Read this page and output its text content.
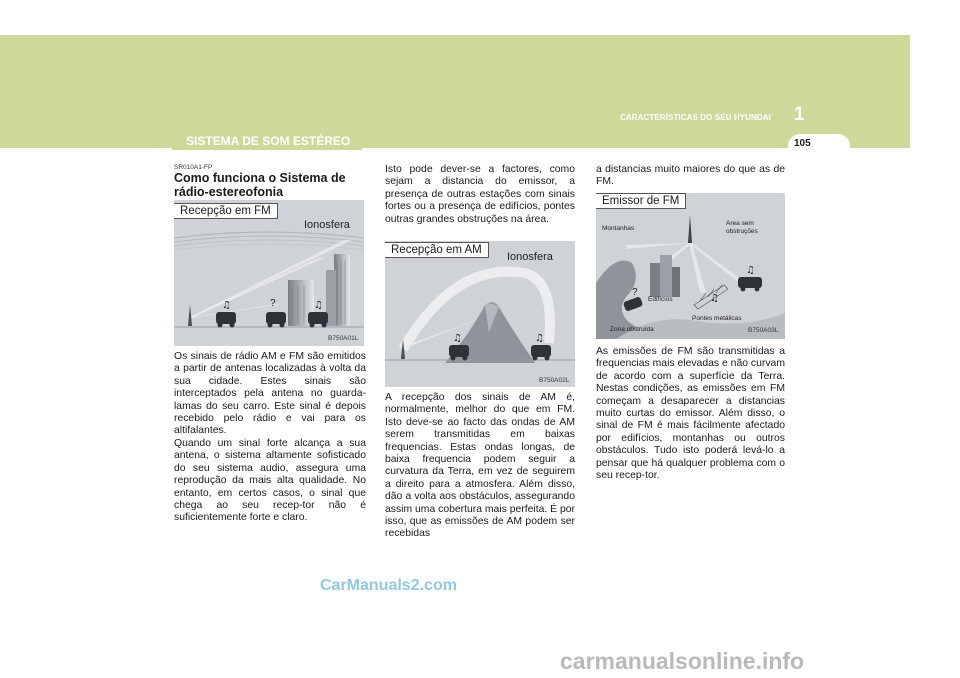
CARACTERÍSTICAS DO SEU HYUNDAI 1
105
SISTEMA DE SOM ESTÉREO
SR010A1-FP
Como funciona o Sistema de rádio-estereofonia
♫	♫
?
Recepção em FM
Ionosfera
B750A01L
Os sinais de rádio AM e FM são emitidos a partir de antenas localizadas à volta da sua cidade. Estes sinais são interceptados pela antena no guarda-lamas do seu carro. Este sinal é depois recebido pelo rádio e vai para os altifalantes.
Quando um sinal forte alcança a sua antena, o sistema altamente sofisticado do seu sistema audio, assegura uma reprodução da mais alta qualidade. No entanto, em certos casos, o sinal que chega ao seu recep-tor não é suficientemente forte e claro.
Isto pode dever-se a factores, como sejam a distancia do emissor, a presença de outras estações com sinais fortes ou a presença de edifícios, pontes outras grandes obstruções na área.
♫	♫
Recepção em AM
Ionosfera
B750A02L
A recepção dos sinais de AM é, normalmente, melhor do que em FM. Isto deve-se ao facto das ondas de AM serem transmitidas em baixas frequencias. Estas ondas longas, de baixa frequencia podem seguir a curvatura da Terra, em vez de seguirem a direito para a atmosfera. Além disso, dão a volta aos obstáculos, assegurando assim uma cobertura mais perfeita. É por isso, que as emissões de AM podem ser recebidas
a distancias muito maiores do que as de FM.
♫
♫
?
Emissor de FM
Montanhas
Area sem
obstruções
Edifícios
Pontes metálicas
Zona obstruída	B750A03L
As emissões de FM são transmitidas a frequencias mais elevadas e não curvam de acordo com a superfície da Terra. Nestas condições, as emissões em FM começam a desaparecer a distancias muito curtas do emissor. Além disso, o sinal de FM é mais fácilmente afectado por edifícios, montanhas ou outros obstáculos. Tudo isto poderá levá-lo a pensar que há qualquer problema com o seu recep-tor.
CarManuals2.com
carmanualsonline.info
